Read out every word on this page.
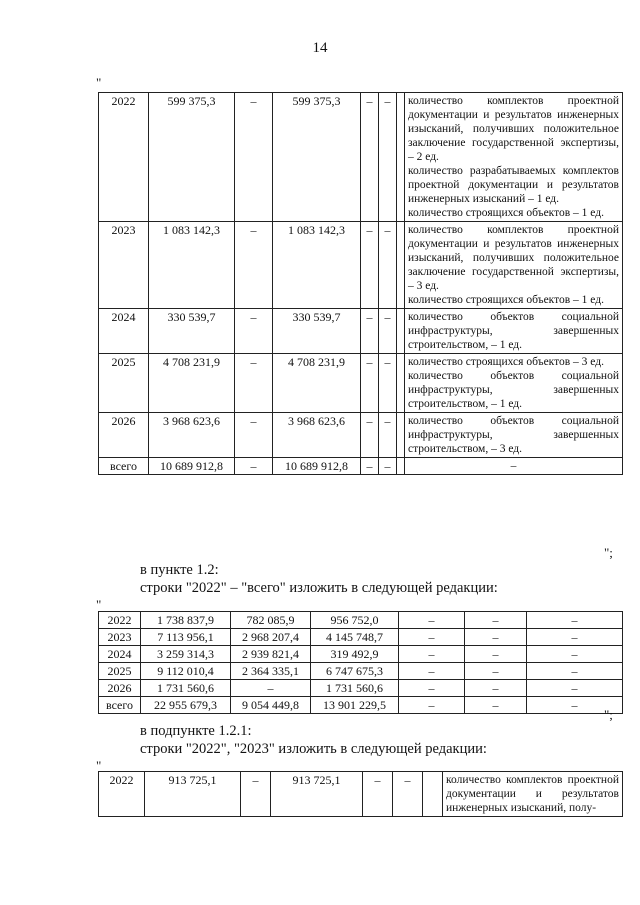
14
"
2022	599 375,3	–	599 375,3	–	–		количество комплектов проектной документации и результатов инженерных изысканий, получивших положительное заключение государственной экспертизы, – 2 ед.
количество разрабатываемых комплектов проектной документации и результатов инженерных изысканий – 1 ед.
количество строящихся объектов – 1 ед.

2023	1 083 142,3	–	1 083 142,3	–	–		количество комплектов проектной документации и результатов инженерных изысканий, получивших положительное заключение государственной экспертизы, – 3 ед.
количество строящихся объектов – 1 ед.

2024	330 539,7	–	330 539,7	–	–		количество объектов социальной инфраструктуры, завершенных строительством, – 1 ед.

2025	4 708 231,9	–	4 708 231,9	–	–		количество строящихся объектов – 3 ед.
количество объектов социальной инфраструктуры, завершенных строительством, – 1 ед.

2026	3 968 623,6	–	3 968 623,6	–	–		количество объектов социальной инфраструктуры, завершенных строительством, – 3 ед.

всего	10 689 912,8	–	10 689 912,8	–	–		–
";
в пункте 1.2:
строки "2022" – "всего" изложить в следующей редакции:
"
2022	1 738 837,9	782 085,9	956 752,0	–	–	–
2023	7 113 956,1	2 968 207,4	4 145 748,7	–	–	–
2024	3 259 314,3	2 939 821,4	319 492,9	–	–	–
2025	9 112 010,4	2 364 335,1	6 747 675,3	–	–	–
2026	1 731 560,6	–	1 731 560,6	–	–	–
всего	22 955 679,3	9 054 449,8	13 901 229,5	–	–	–
";
в подпункте 1.2.1:
строки "2022", "2023" изложить в следующей редакции:
"
2022	913 725,1	–	913 725,1	–	–		количество комплектов проектной документации и результатов инженерных изысканий, полу-
